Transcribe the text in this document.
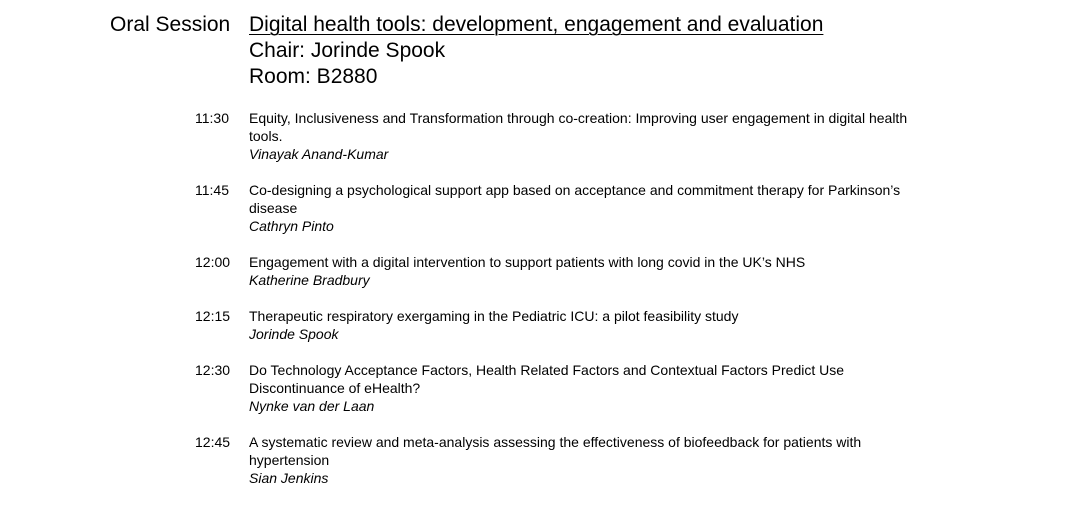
Oral Session Digital health tools: development, engagement and evaluation
Chair: Jorinde Spook
Room: B2880
11:30 Equity, Inclusiveness and Transformation through co-creation: Improving user engagement in digital health tools.
Vinayak Anand-Kumar
11:45 Co-designing a psychological support app based on acceptance and commitment therapy for Parkinson’s disease
Cathryn Pinto
12:00 Engagement with a digital intervention to support patients with long covid in the UK’s NHS
Katherine Bradbury
12:15 Therapeutic respiratory exergaming in the Pediatric ICU: a pilot feasibility study
Jorinde Spook
12:30 Do Technology Acceptance Factors, Health Related Factors and Contextual Factors Predict Use Discontinuance of eHealth?
Nynke van der Laan
12:45 A systematic review and meta-analysis assessing the effectiveness of biofeedback for patients with hypertension
Sian Jenkins
